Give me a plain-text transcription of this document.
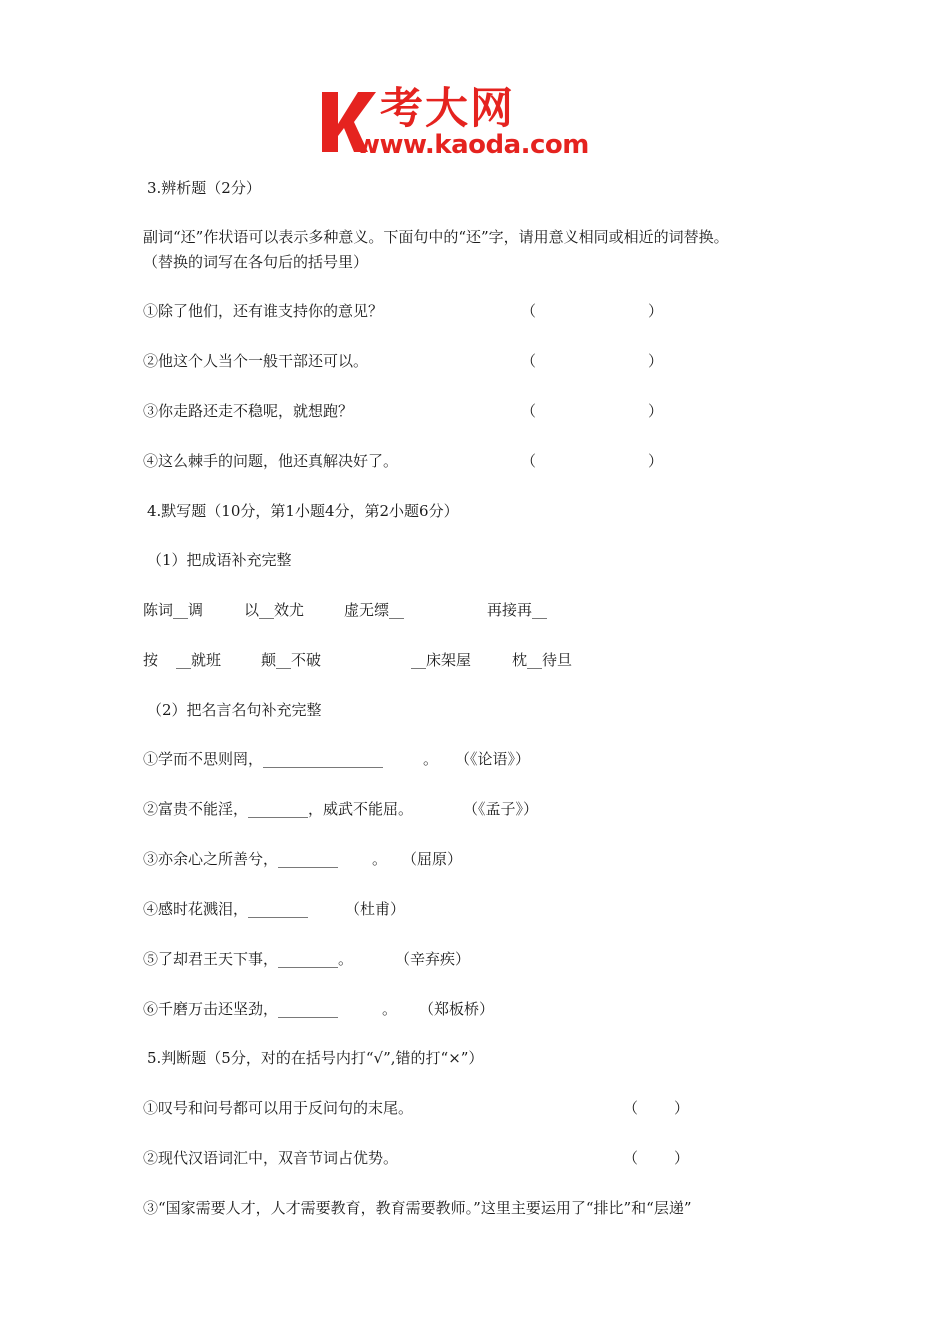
考大网
www.kaoda.com
3.辨析题（2分）
副词“还”作状语可以表示多种意义。下面句中的“还”字，请用意义相同或相近的词替换。
（替换的词写在各句后的括号里）
①除了他们，还有谁支持你的意见？	（	）
②他这个人当个一般干部还可以。	（	）
③你走路还走不稳呢，就想跑？	（	）
④这么棘手的问题，他还真解决好了。	（	）
4.默写题（10分，第1小题4分，第2小题6分）
（1）把成语补充完整
陈词__调	以__效尤	虚无缥__	再接再__
按 __就班	颠__不破	__床架屋	枕__待旦
（2）把名言名句补充完整
①学而不思则罔，________________	。 （《论语》）
②富贵不能淫，________，威武不能屈。	（《孟子》）
③亦余心之所善兮，________ 。 （屈原）
④感时花溅泪，________ （杜甫）
⑤了却君王天下事，________。	（辛弃疾）
⑥千磨万击还坚劲，________	。 （郑板桥）
5.判断题（5分，对的在括号内打“√”,错的打“×”）
①叹号和问号都可以用于反问句的末尾。	（ ）
②现代汉语词汇中，双音节词占优势。	（ ）
③“国家需要人才，人才需要教育，教育需要教师。”这里主要运用了“排比”和“层递”
